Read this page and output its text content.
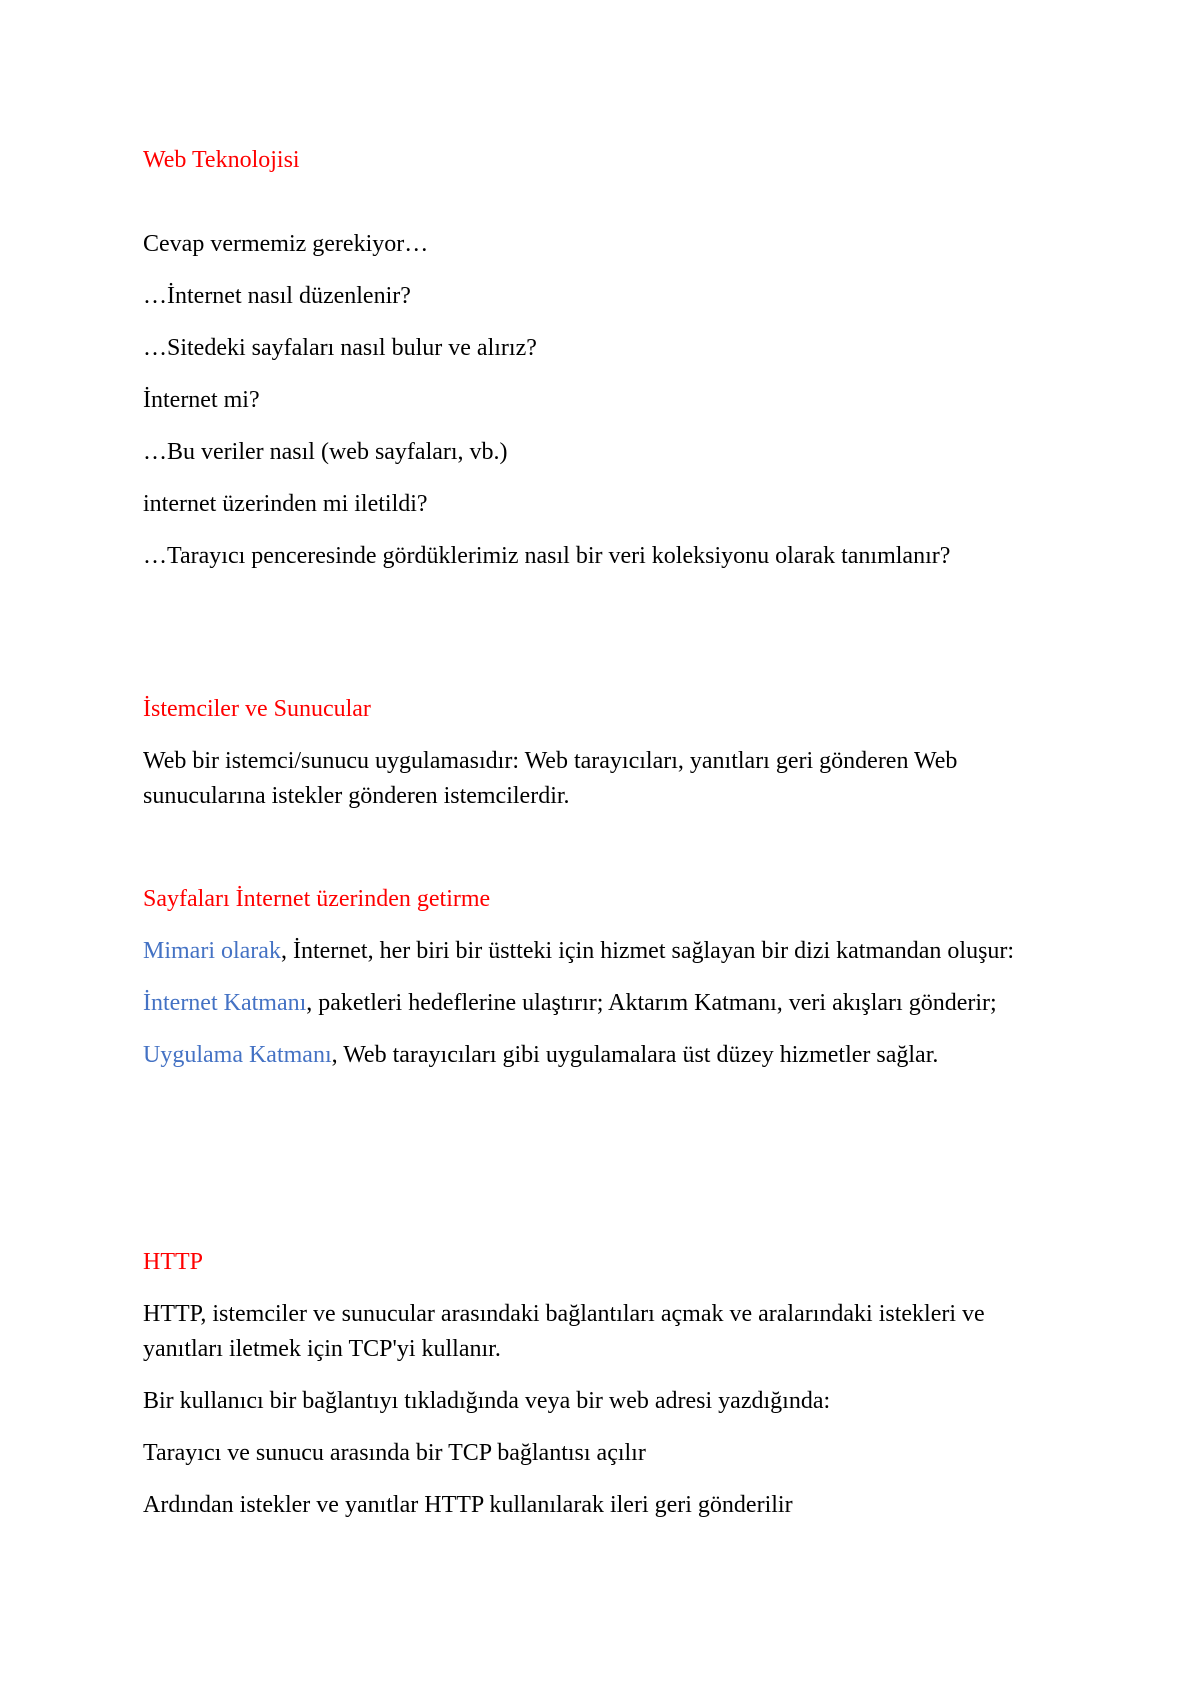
Web Teknolojisi

Cevap vermemiz gerekiyor…

…İnternet nasıl düzenlenir?

…Sitedeki sayfaları nasıl bulur ve alırız?

İnternet mi?

…Bu veriler nasıl (web sayfaları, vb.)

internet üzerinden mi iletildi?

…Tarayıcı penceresinde gördüklerimiz nasıl bir veri koleksiyonu olarak tanımlanır?

İstemciler ve Sunucular

Web bir istemci/sunucu uygulamasıdır: Web tarayıcıları, yanıtları geri gönderen Web sunucularına istekler gönderen istemcilerdir.

Sayfaları İnternet üzerinden getirme

Mimari olarak, İnternet, her biri bir üstteki için hizmet sağlayan bir dizi katmandan oluşur:

İnternet Katmanı, paketleri hedeflerine ulaştırır; Aktarım Katmanı, veri akışları gönderir;

Uygulama Katmanı, Web tarayıcıları gibi uygulamalara üst düzey hizmetler sağlar.

HTTP

HTTP, istemciler ve sunucular arasındaki bağlantıları açmak ve aralarındaki istekleri ve yanıtları iletmek için TCP'yi kullanır.

Bir kullanıcı bir bağlantıyı tıkladığında veya bir web adresi yazdığında:

Tarayıcı ve sunucu arasında bir TCP bağlantısı açılır

Ardından istekler ve yanıtlar HTTP kullanılarak ileri geri gönderilir
